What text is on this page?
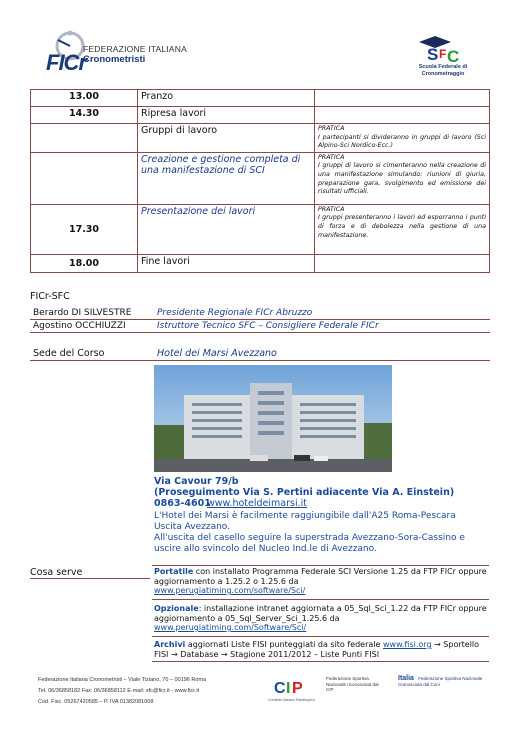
FEDERAZIONE ITALIANA
Cronometristi
FICr	S F C
Scuola Federale di Cronometraggio
13.00	Pranzo	
14.30	Ripresa lavori	
	Gruppi di lavoro	PRATICA
I partecipanti si divideranno in gruppi di lavoro (Sci Alpino-Sci Nordico-Ecc.)
	Creazione e gestione completa di una manifestazione di SCI	PRATICA
I gruppi di lavoro si cimenteranno nella creazione di una manifestazione simulando: riunioni di giuria, preparazione gara, svolgimento ed emissione dei risultati ufficiali.
17.30	Presentazione dei lavori	PRATICA
I gruppi presenteranno i lavori ed esporranno i punti di forza e di debolezza nella gestione di una manifestazione.
18.00	Fine lavori	
FICr-SFC
Berardo DI SILVESTRE	Presidente Regionale FICr Abruzzo
Agostino OCCHIUZZI	Istruttore Tecnico SFC – Consigliere Federale FICr
Sede del Corso	Hotel dei Marsi Avezzano
Via Cavour 79/b
(Proseguimento Via S. Pertini adiacente Via A. Einstein)
0863-4601
www.hoteldeimarsi.it
L'Hotel dei Marsi è facilmente raggiungibile dall'A25 Roma-Pescara Uscita Avezzano.
All'uscita del casello seguire la superstrada Avezzano-Sora-Cassino e uscire allo svincolo del Nucleo Ind.le di Avezzano.
Cosa serve	Portatile con installato Programma Federale SCI Versione 1.25 da FTP FICr oppure aggiornamento a 1.25.2 o 1.25.6 da
www.perugiatiming.com/software/Sci/
Opzionale: installazione intranet aggiornata a 05_Sql_Sci_1.22 da FTP FICr oppure aggiornamento a 05_Sql_Server_Sci_1.25.6 da
www.perugiatiming.com/Software/Sci/
Archivi aggiornati Liste FISI punteggiati da sito federale www.fisi.org → Sportello FISI → Database → Stagione 2011/2012 – Liste Punti FISI
Federazione Italiana Cronometristi – Viale Tiziano, 70 – 00196 Roma
Tel. 06/36858182 Fax: 06/36858112 E-mail: sfc@ficr.it - www.ficr.it
Cod. Fisc. 05267420585 – P. IVA 01382081008
C I P
Comitato Italiano Paralimpico
Federazione Sportiva Nazionale riconosciuta dal CIP
Italia Federazione Sportiva Nazionale riconosciuta dal Coni
